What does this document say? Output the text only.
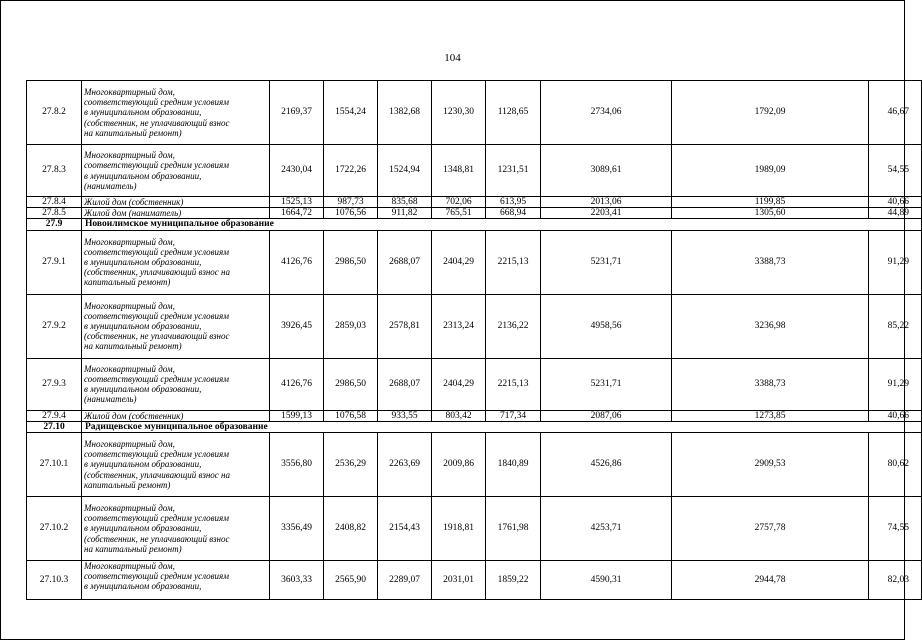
104
27.8.2	Многоквартирный дом,
соответствующий средним условиям
в муниципальном образовании,
(собственник, не уплачивающий взнос
на капитальный ремонт)	2169,37	1554,24	1382,68	1230,30	1128,65	2734,06	1792,09	46,67
27.8.3	Многоквартирный дом,
соответствующий средним условиям
в муниципальном образовании,
(наниматель)	2430,04	1722,26	1524,94	1348,81	1231,51	3089,61	1989,09	54,55
27.8.4	Жилой дом (собственник)	1525,13	987,73	835,68	702,06	613,95	2013,06	1199,85	40,66
27.8.5	Жилой дом (наниматель)	1664,72	1076,56	911,82	765,51	668,94	2203,41	1305,60	44,89
27.9	Новоилимское муниципальное образование								
27.9.1	Многоквартирный дом,
соответствующий средним условиям
в муниципальном образовании,
(собственник, уплачивающий взнос на
капитальный ремонт)	4126,76	2986,50	2688,07	2404,29	2215,13	5231,71	3388,73	91,29
27.9.2	Многоквартирный дом,
соответствующий средним условиям
в муниципальном образовании,
(собственник, не уплачивающий взнос
на капитальный ремонт)	3926,45	2859,03	2578,81	2313,24	2136,22	4958,56	3236,98	85,22
27.9.3	Многоквартирный дом,
соответствующий средним условиям
в муниципальном образовании,
(наниматель)	4126,76	2986,50	2688,07	2404,29	2215,13	5231,71	3388,73	91,29
27.9.4	Жилой дом (собственник)	1599,13	1076,58	933,55	803,42	717,34	2087,06	1273,85	40,66
27.10	Радищевское муниципальное образование								
27.10.1	Многоквартирный дом,
соответствующий средним условиям
в муниципальном образовании,
(собственник, уплачивающий взнос на
капитальный ремонт)	3556,80	2536,29	2263,69	2009,86	1840,89	4526,86	2909,53	80,62
27.10.2	Многоквартирный дом,
соответствующий средним условиям
в муниципальном образовании,
(собственник, не уплачивающий взнос
на капитальный ремонт)	3356,49	2408,82	2154,43	1918,81	1761,98	4253,71	2757,78	74,55
27.10.3	Многоквартирный дом,
соответствующий средним условиям
в муниципальном образовании,	3603,33	2565,90	2289,07	2031,01	1859,22	4590,31	2944,78	82,03
